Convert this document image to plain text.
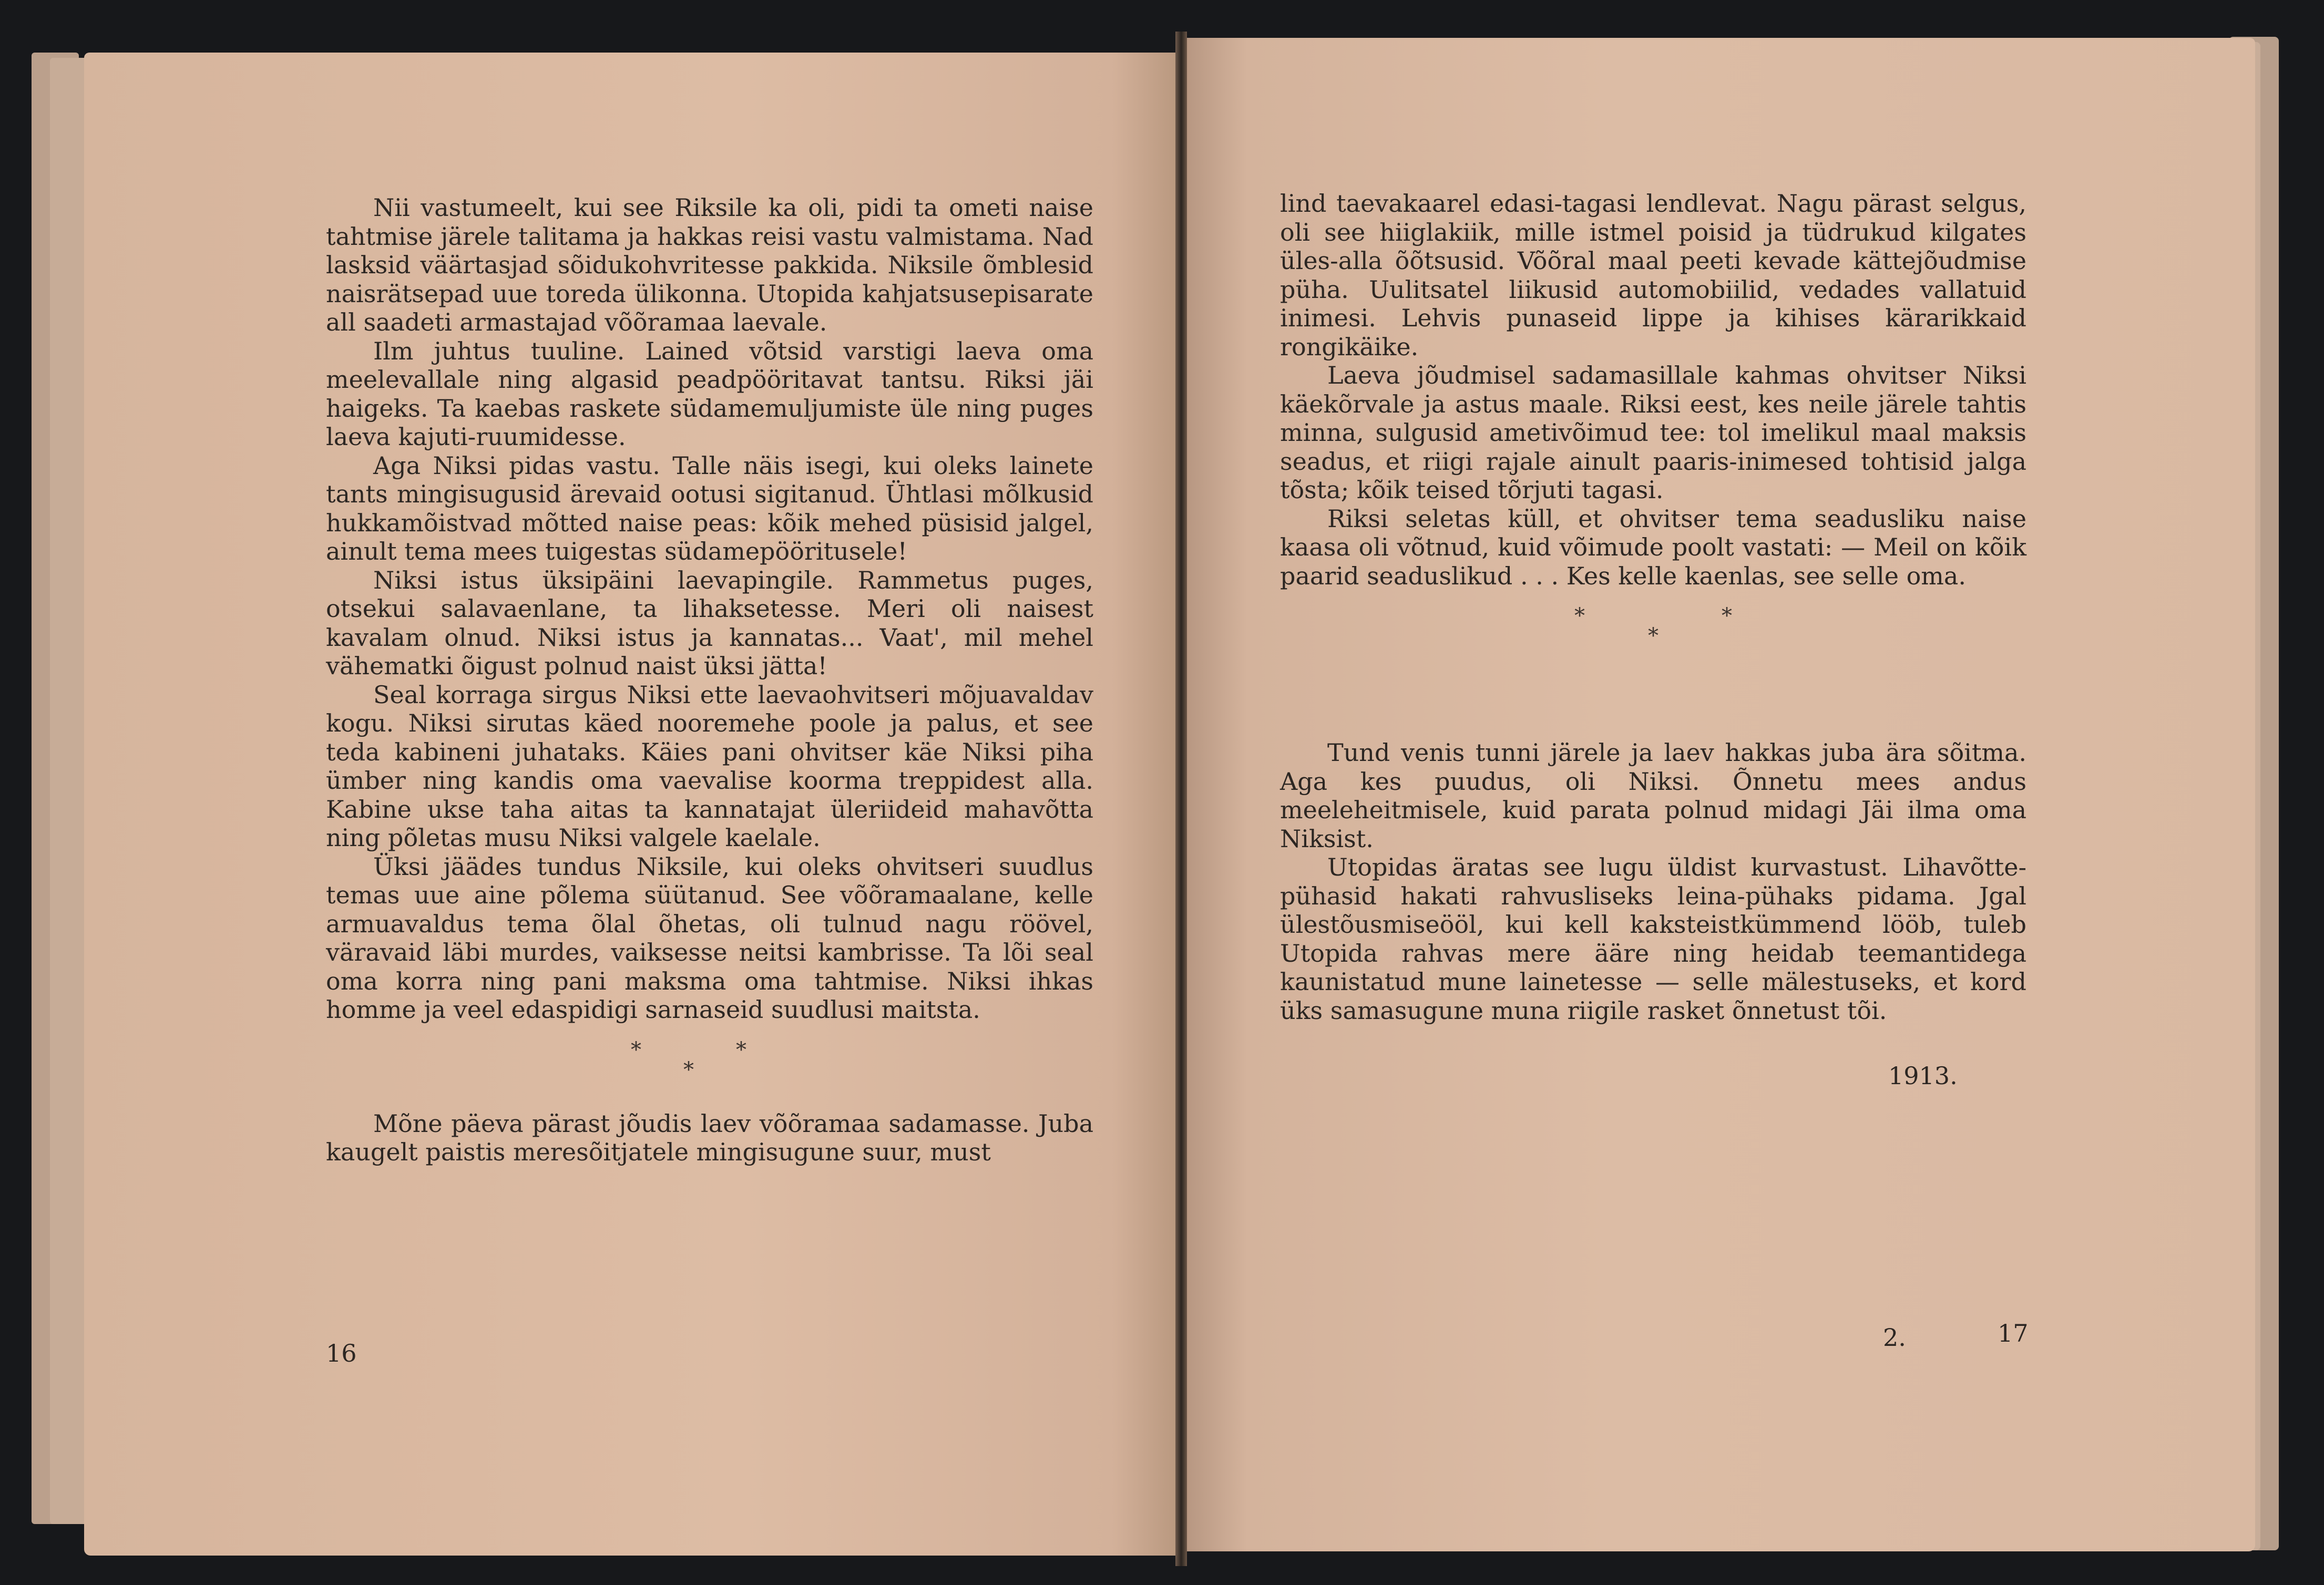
Nii vastumeelt, kui see Riksile ka oli, pidi ta ometi naise tahtmise järele talitama ja hakkas reisi vastu valmistama. Nad lasksid väärtasjad sõidukohvritesse pakkida. Niksile õmblesid naisrätsepad uue toreda ülikonna. Utopida kahjatsusepisarate all saadeti armastajad võõramaa laevale.

Ilm juhtus tuuline. Lained võtsid varstigi laeva oma meelevallale ning algasid peadpööritavat tantsu. Riksi jäi haigeks. Ta kaebas raskete südamemuljumiste üle ning puges laeva kajuti-ruumidesse.

Aga Niksi pidas vastu. Talle näis isegi, kui oleks lainete tants mingisugusid ärevaid ootusi sigitanud. Ühtlasi mõlkusid hukkamõistvad mõtted naise peas: kõik mehed püsisid jalgel, ainult tema mees tuigestas südamepööritusele!

Niksi istus üksipäini laevapingile. Rammetus puges, otsekui salavaenlane, ta lihaksetesse. Meri oli naisest kavalam olnud. Niksi istus ja kannatas... Vaat', mil mehel vähematki õigust polnud naist üksi jätta!

Seal korraga sirgus Niksi ette laevaohvitseri mõjuavaldav kogu. Niksi sirutas käed nooremehe poole ja palus, et see teda kabineni juhataks. Käies pani ohvitser käe Niksi piha ümber ning kandis oma vaevalise koorma treppidest alla. Kabine ukse taha aitas ta kannatajat üleriideid mahavõtta ning põletas musu Niksi valgele kaelale.

Üksi jäädes tundus Niksile, kui oleks ohvitseri suudlus temas uue aine põlema süütanud. See võõramaalane, kelle armuavaldus tema õlal õhetas, oli tulnud nagu röövel, väravaid läbi murdes, vaiksesse neitsi kambrisse. Ta lõi seal oma korra ning pani maksma oma tahtmise. Niksi ihkas homme ja veel edaspidigi sarnaseid suudlusi maitsta.

*
*
*

Mõne päeva pärast jõudis laev võõramaa sadamasse. Juba kaugelt paistis meresõitjatele mingisugune suur, must

16

lind taevakaarel edasi-tagasi lendlevat. Nagu pärast selgus, oli see hiiglakiik, mille istmel poisid ja tüdrukud kilgates üles-alla õõtsusid. Võõral maal peeti kevade kättejõudmise püha. Uulitsatel liikusid automobiilid, vedades vallatuid inimesi. Lehvis punaseid lippe ja kihises kärarikkaid rongikäike.

Laeva jõudmisel sadamasillale kahmas ohvitser Niksi käekõrvale ja astus maale. Riksi eest, kes neile järele tahtis minna, sulgusid ametivõimud tee: tol imelikul maal maksis seadus, et riigi rajale ainult paaris-inimesed tohtisid jalga tõsta; kõik teised tõrjuti tagasi.

Riksi seletas küll, et ohvitser tema seadusliku naise kaasa oli võtnud, kuid võimude poolt vastati: — Meil on kõik paarid seaduslikud . . . Kes kelle kaenlas, see selle oma.

*
*
*

Tund venis tunni järele ja laev hakkas juba ära sõitma. Aga kes puudus, oli Niksi. Õnnetu mees andus meeleheitmisele, kuid parata polnud midagi Jäi ilma oma Niksist.

Utopidas äratas see lugu üldist kurvastust. Lihavõtte-pühasid hakati rahvusliseks leina-pühaks pidama. Jgal ülestõusmiseööl, kui kell kaksteistkümmend lööb, tuleb Utopida rahvas mere ääre ning heidab teemantidega kaunistatud mune lainetesse — selle mälestuseks, et kord üks samasugune muna riigile rasket õnnetust tõi.

1913.
2.	17
